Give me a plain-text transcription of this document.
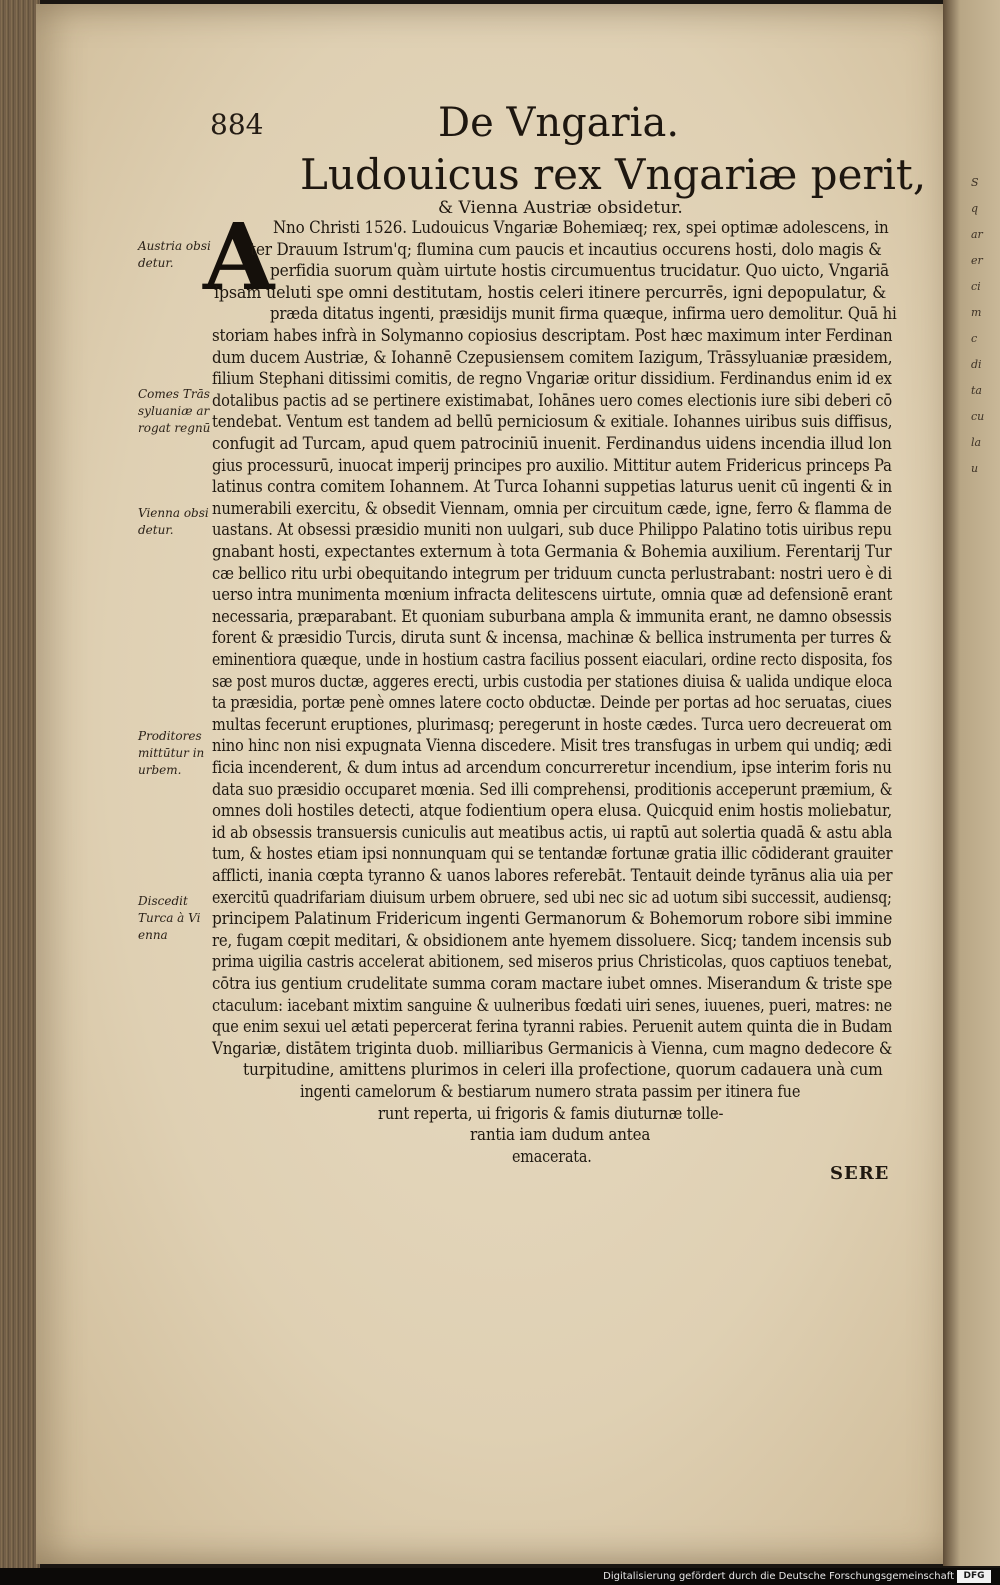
S
q
ar
er
ci
m
c
di
ta
cu
la
u
884	De Vngaria.
Ludouicus rex Vngariæ perit,
& Vienna Austriæ obsidetur.
A
Nno Christi 1526. Ludouicus Vngariæ Bohemiæq; rex, spei optimæ adolescens, in
ter Drauum Istrum'q; flumina cum paucis et incautius occurens hosti, dolo magis &
perfidia suorum quàm uirtute hostis circumuentus trucidatur. Quo uicto, Vngariā
ipsam ueluti spe omni destitutam, hostis celeri itinere percurrēs, igni depopulatur, &
præda ditatus ingenti, præsidijs munit firma quæque, infirma uero demolitur. Quā hi
storiam habes infrà in Solymanno copiosius descriptam. Post hæc maximum inter Ferdinan
dum ducem Austriæ, & Iohannē Czepusiensem comitem Iazigum, Trāssyluaniæ præsidem,
filium Stephani ditissimi comitis, de regno Vngariæ oritur dissidium. Ferdinandus enim id ex
dotalibus pactis ad se pertinere existimabat, Iohānes uero comes electionis iure sibi deberi cō
tendebat. Ventum est tandem ad bellū perniciosum & exitiale. Iohannes uiribus suis diffisus,
confugit ad Turcam, apud quem patrociniū inuenit. Ferdinandus uidens incendia illud lon
gius processurū, inuocat imperij principes pro auxilio. Mittitur autem Fridericus princeps Pa
latinus contra comitem Iohannem. At Turca Iohanni suppetias laturus uenit cū ingenti & in
numerabili exercitu, & obsedit Viennam, omnia per circuitum cæde, igne, ferro & flamma de
uastans. At obsessi præsidio muniti non uulgari, sub duce Philippo Palatino totis uiribus repu
gnabant hosti, expectantes externum à tota Germania & Bohemia auxilium. Ferentarij Tur
cæ bellico ritu urbi obequitando integrum per triduum cuncta perlustrabant: nostri uero è di
uerso intra munimenta mœnium infracta delitescens uirtute, omnia quæ ad defensionē erant
necessaria, præparabant. Et quoniam suburbana ampla & immunita erant, ne damno obsessis
forent & præsidio Turcis, diruta sunt & incensa, machinæ & bellica instrumenta per turres &
eminentiora quæque, unde in hostium castra facilius possent eiaculari, ordine recto disposita, fos
sæ post muros ductæ, aggeres erecti, urbis custodia per stationes diuisa & ualida undique eloca
ta præsidia, portæ penè omnes latere cocto obductæ. Deinde per portas ad hoc seruatas, ciues
multas fecerunt eruptiones, plurimasq; peregerunt in hoste cædes. Turca uero decreuerat om
nino hinc non nisi expugnata Vienna discedere. Misit tres transfugas in urbem qui undiq; ædi
ficia incenderent, & dum intus ad arcendum concurreretur incendium, ipse interim foris nu
data suo præsidio occuparet mœnia. Sed illi comprehensi, proditionis acceperunt præmium, &
omnes doli hostiles detecti, atque fodientium opera elusa. Quicquid enim hostis moliebatur,
id ab obsessis transuersis cuniculis aut meatibus actis, ui raptū aut solertia quadā & astu abla
tum, & hostes etiam ipsi nonnunquam qui se tentandæ fortunæ gratia illic cōdiderant grauiter
afflicti, inania cœpta tyranno & uanos labores referebāt. Tentauit deinde tyrānus alia uia per
exercitū quadrifariam diuisum urbem obruere, sed ubi nec sic ad uotum sibi successit, audiensq;
principem Palatinum Fridericum ingenti Germanorum & Bohemorum robore sibi immine
re, fugam cœpit meditari, & obsidionem ante hyemem dissoluere. Sicq; tandem incensis sub
prima uigilia castris accelerat abitionem, sed miseros prius Christicolas, quos captiuos tenebat,
cōtra ius gentium crudelitate summa coram mactare iubet omnes. Miserandum & triste spe
ctaculum: iacebant mixtim sanguine & uulneribus fœdati uiri senes, iuuenes, pueri, matres: ne
que enim sexui uel ætati pepercerat ferina tyranni rabies. Peruenit autem quinta die in Budam
Vngariæ, distātem triginta duob. milliaribus Germanicis à Vienna, cum magno dedecore &
turpitudine, amittens plurimos in celeri illa profectione, quorum cadauera unà cum
ingenti camelorum & bestiarum numero strata passim per itinera fue
runt reperta, ui frigoris & famis diuturnæ tolle-
rantia iam dudum antea
emacerata.
Austria obsi
detur.
Comes Trās
syluaniæ ar
rogat regnū
Vienna obsi
detur.
Proditores
mittūtur in
urbem.
Discedit
Turca à Vi
enna
SERE
Digitalisierung gefördert durch die Deutsche Forschungsgemeinschaft	DFG
